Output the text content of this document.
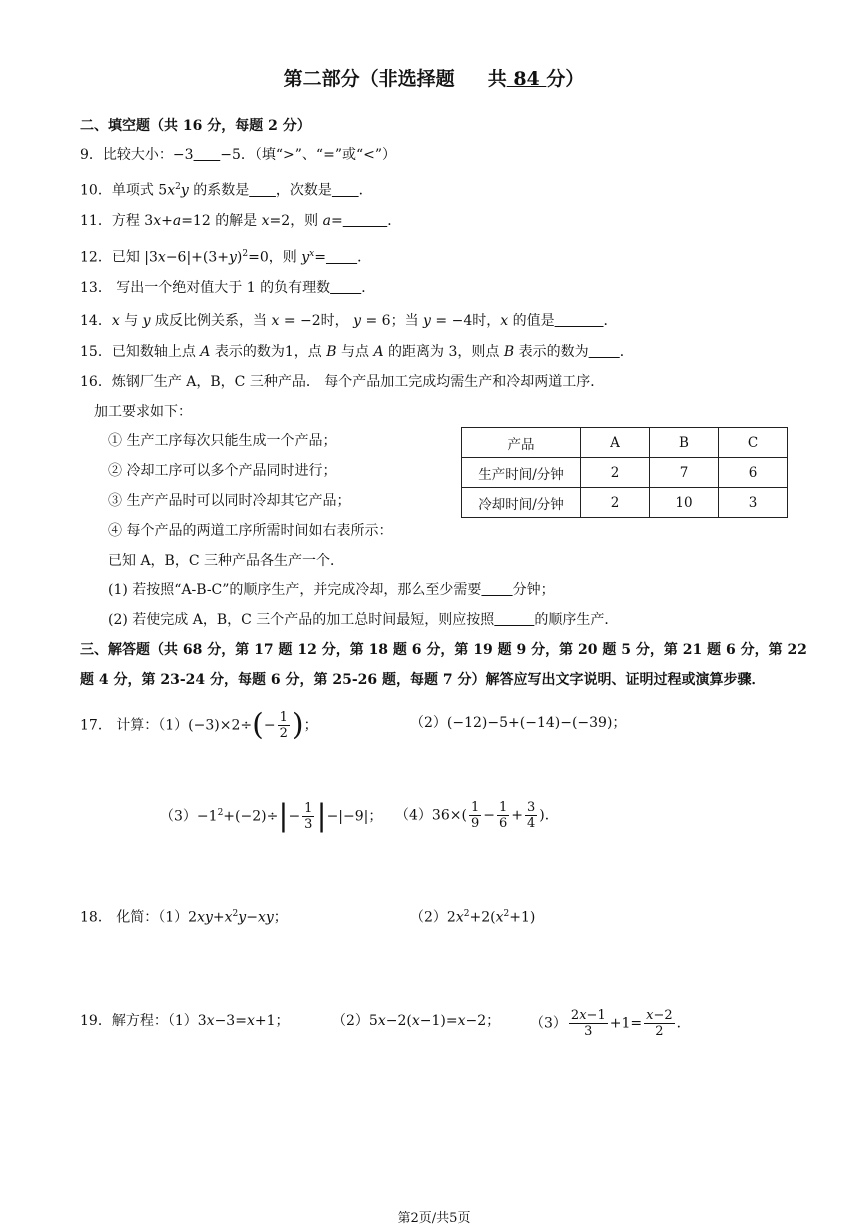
第二部分（非选择题 共 84 分）
二、填空题（共 16 分，每题 2 分）
9．比较大小：−3 −5．（填“>”、“=”或“<”）
10．单项式 $5x^2y$ 的系数是 ，次数是 ．
11．方程 3x+a=12 的解是 x=2，则 a=	．
12．已知 $|3x-6|+(3+y)^2=0$，则 $y^x=$ ．
13． 写出一个绝对值大于 1 的负有理数 ．
14．x 与 y 成反比例关系，当 x = −2时， y = 6；当 y = −4时，x 的值是	．
15．已知数轴上点 A 表示的数为1，点 B 与点 A 的距离为 3，则点 B 表示的数为 ．
16．炼钢厂生产 A，B，C 三种产品． 每个产品加工完成均需生产和冷却两道工序．
加工要求如下：
① 生产工序每次只能生成一个产品；
② 冷却工序可以多个产品同时进行；
③ 生产产品时可以同时冷却其它产品；
④ 每个产品的两道工序所需时间如右表所示：
已知 A，B，C 三种产品各生产一个．
(1) 若按照“A-B-C”的顺序生产，并完成冷却，那么至少需要 分钟；
(2) 若使完成 A，B，C 三个产品的加工总时间最短，则应按照	的顺序生产．
产品	A	B	C
生产时间/分钟	2	7	6
冷却时间/分钟	2	10	3
三、解答题（共 68 分，第 17 题 12 分，第 18 题 6 分，第 19 题 9 分，第 20 题 5 分，第 21 题 6 分，第 22
题 4 分，第 23-24 分，每题 6 分，第 25-26 题，每题 7 分）解答应写出文字说明、证明过程或演算步骤．
17． 计算：$(1)(-3)\times 2\div(- \frac{1}{2}$ )；	（2）(−12)−5+(−14)−(−39)；
$(3)-1^2+(-2)\div|- \frac{1}{3} |-|-9|$； $(4)36\times( \frac{1}{9} - \frac{1}{6} + \frac{3}{4}$ )．
18． 化简：$(1)2xy+x^2y-xy$；	$(2)2x^2+2(x^2+1)$
19．解方程：（1）3x−3=x+1；	（2）5x−2(x−1)=x−2； $(3) \frac{2x-1}{3} +1= \frac{x-2}{2}$ ．
第2页/共5页
